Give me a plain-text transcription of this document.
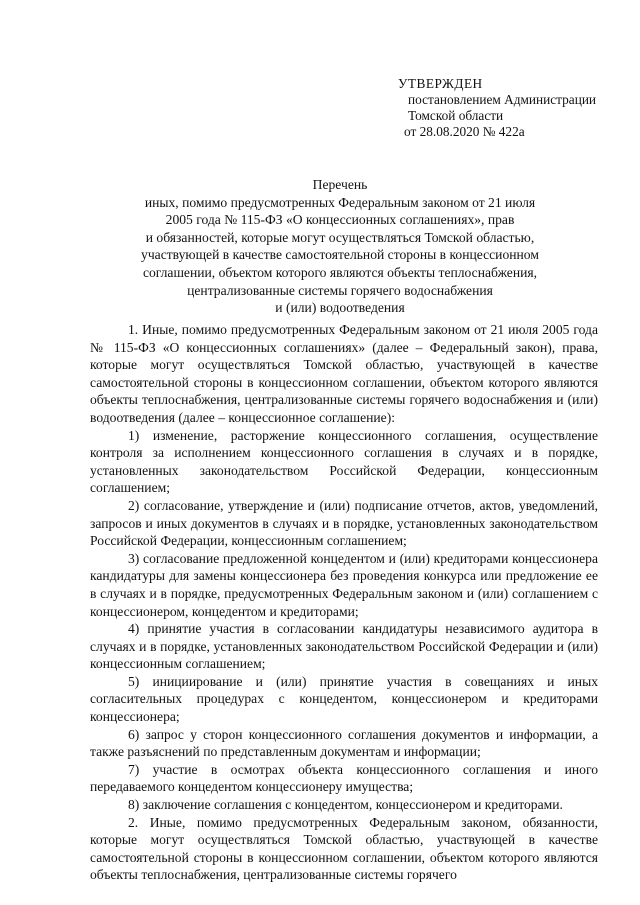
УТВЕРЖДЕН
постановлением Администрации
Томской области
от 28.08.2020 № 422а
Перечень
иных, помимо предусмотренных Федеральным законом от 21 июля
2005 года № 115-ФЗ «О концессионных соглашениях», прав
и обязанностей, которые могут осуществляться Томской областью,
участвующей в качестве самостоятельной стороны в концессионном
соглашении, объектом которого являются объекты теплоснабжения,
централизованные системы горячего водоснабжения
и (или) водоотведения

1. Иные, помимо предусмотренных Федеральным законом от 21 июля 2005 года № 115-ФЗ «О концессионных соглашениях» (далее – Федеральный закон), права, которые могут осуществляться Томской областью, участвующей в качестве самостоятельной стороны в концессионном соглашении, объектом которого являются объекты теплоснабжения, централизованные системы горячего водоснабжения и (или) водоотведения (далее – концессионное соглашение):

1) изменение, расторжение концессионного соглашения, осуществление контроля за исполнением концессионного соглашения в случаях и в порядке, установленных законодательством Российской Федерации, концессионным соглашением;

2) согласование, утверждение и (или) подписание отчетов, актов, уведомлений, запросов и иных документов в случаях и в порядке, установленных законодательством Российской Федерации, концессионным соглашением;

3) согласование предложенной концедентом и (или) кредиторами концессионера кандидатуры для замены концессионера без проведения конкурса или предложение ее в случаях и в порядке, предусмотренных Федеральным законом и (или) соглашением с концессионером, концедентом и кредиторами;

4) принятие участия в согласовании кандидатуры независимого аудитора в случаях и в порядке, установленных законодательством Российской Федерации и (или) концессионным соглашением;

5) инициирование и (или) принятие участия в совещаниях и иных согласительных процедурах с концедентом, концессионером и кредиторами концессионера;

6) запрос у сторон концессионного соглашения документов и информации, а также разъяснений по представленным документам и информации;

7) участие в осмотрах объекта концессионного соглашения и иного передаваемого концедентом концессионеру имущества;

8) заключение соглашения с концедентом, концессионером и кредиторами.

2. Иные, помимо предусмотренных Федеральным законом, обязанности, которые могут осуществляться Томской областью, участвующей в качестве самостоятельной стороны в концессионном соглашении, объектом которого являются объекты теплоснабжения, централизованные системы горячего
